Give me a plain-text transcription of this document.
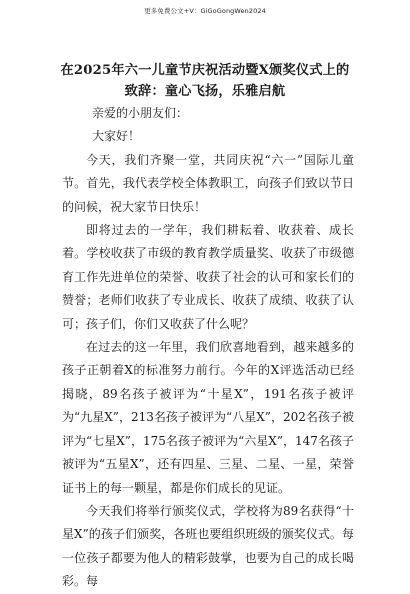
更多免费公文+V：GiGoGongWen2024
在2025年六一儿童节庆祝活动暨X颁奖仪式上的致辞：童心飞扬，乐雅启航

亲爱的小朋友们：

大家好！

今天，我们齐聚一堂，共同庆祝“六一”国际儿童节。首先，我代表学校全体教职工，向孩子们致以节日的问候，祝大家节日快乐！

即将过去的一学年，我们耕耘着、收获着、成长着。学校收获了市级的教育教学质量奖、收获了市级德育工作先进单位的荣誉、收获了社会的认可和家长们的赞誉；老师们收获了专业成长、收获了成绩、收获了认可；孩子们，你们又收获了什么呢？

在过去的这一年里，我们欣喜地看到，越来越多的孩子正朝着X的标准努力前行。今年的X评选活动已经揭晓，89名孩子被评为“十星X”，191名孩子被评为“九星X”，213名孩子被评为“八星X”，202名孩子被评为“七星X”，175名孩子被评为“六星X”，147名孩子被评为“五星X”，还有四星、三星、二星、一星，荣誉证书上的每一颗星，都是你们成长的见证。

今天我们将举行颁奖仪式，学校将为89名获得“十星X”的孩子们颁奖，各班也要组织班级的颁奖仪式。每一位孩子都要为他人的精彩鼓掌，也要为自己的成长喝彩。每
